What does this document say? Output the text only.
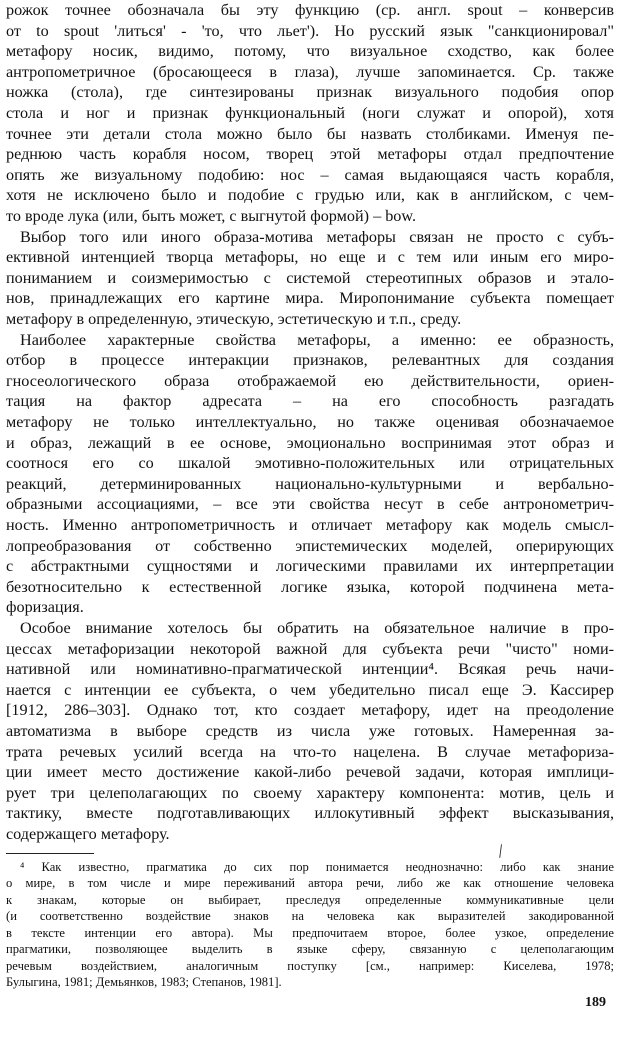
рожок точнее обозначала бы эту функцию (ср. англ. spout – конверсив
от to spout 'литься' - 'то, что льет'). Но русский язык "санкционировал"
метафору носик, видимо, потому, что визуальное сходство, как более
антропометричное (бросающееся в глаза), лучше запоминается. Ср. также
ножка (стола), где синтезированы признак визуального подобия опор
стола и ног и признак функциональный (ноги служат и опорой), хотя
точнее эти детали стола можно было бы назвать столбиками. Именуя пе-
реднюю часть корабля носом, творец этой метафоры отдал предпочтение
опять же визуальному подобию: нос – самая выдающаяся часть корабля,
хотя не исключено было и подобие с грудью или, как в английском, с чем-
то вроде лука (или, быть может, с выгнутой формой) – bow.
Выбор того или иного образа-мотива метафоры связан не просто с субъ-
ективной интенцией творца метафоры, но еще и с тем или иным его миро-
пониманием и соизмеримостью с системой стереотипных образов и этало-
нов, принадлежащих его картине мира. Миропонимание субъекта помещает
метафору в определенную, этическую, эстетическую и т.п., среду.
Наиболее характерные свойства метафоры, а именно: ее образность,
отбор в процессе интеракции признаков, релевантных для создания
гносеологического образа отображаемой ею действительности, ориен-
тация на фактор адресата – на его способность разгадать
метафору не только интеллектуально, но также оценивая обозначаемое
и образ, лежащий в ее основе, эмоционально воспринимая этот образ и
соотнося его со шкалой эмотивно-положительных или отрицательных
реакций, детерминированных национально-культурными и вербально-
образными ассоциациями, – все эти свойства несут в себе антронометрич-
ность. Именно антропометричность и отличает метафору как модель смысл-
лопреобразования от собственно эпистемических моделей, оперирующих
с абстрактными сущностями и логическими правилами их интерпретации
безотносительно к естественной логике языка, которой подчинена мета-
форизация.
Особое внимание хотелось бы обратить на обязательное наличие в про-
цессах метафоризации некоторой важной для субъекта речи "чисто" номи-
нативной или номинативно-прагматической интенции⁴. Всякая речь начи-
нается с интенции ее субъекта, о чем убедительно писал еще Э. Кассирер
[1912, 286–303]. Однако тот, кто создает метафору, идет на преодоление
автоматизма в выборе средств из числа уже готовых. Намеренная за-
трата речевых усилий всегда на что-то нацелена. В случае метафоризa-
ции имеет место достижение какой-либо речевой задачи, которая имплици-
рует три целеполагающих по своему характеру компонента: мотив, цель и
тактику, вместе подготавливающих иллокутивный эффект высказывания,
содержащего метафору.
/
⁴ Как известно, прагматика до сих пор понимается неоднозначно: либо как знание
о мире, в том числе и мире переживаний автора речи, либо же как отношение человека
к знакам, которые он выбирает, преследуя определенные коммуникативные цели
(и соответственно воздействие знаков на человека как выразителей закодированной
в тексте интенции его автора). Мы предпочитаем второе, более узкое, определение
прагматики, позволяющее выделить в языке сферу, связанную с целеполагающим
речевым воздействием, аналогичным поступку [см., например: Киселева, 1978;
Булыгина, 1981; Демьянков, 1983; Степанов, 1981].
189
